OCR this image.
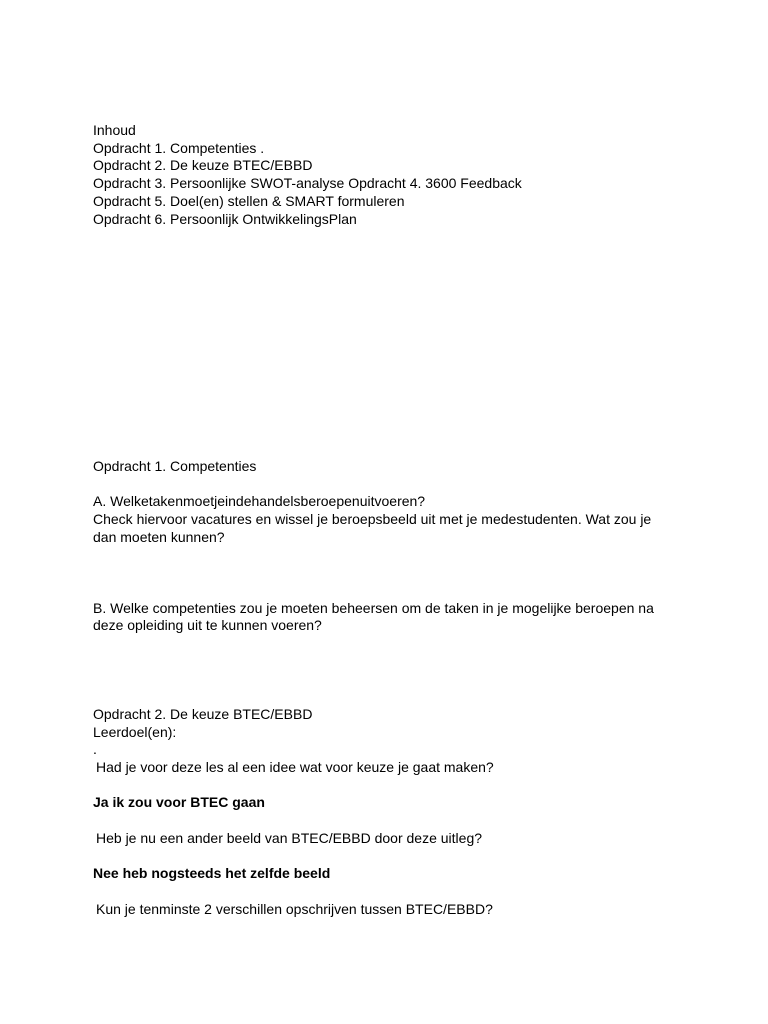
Inhoud
Opdracht 1. Competenties .
Opdracht 2. De keuze BTEC/EBBD
Opdracht 3. Persoonlijke SWOT-analyse Opdracht 4. 3600 Feedback
Opdracht 5. Doel(en) stellen & SMART formuleren
Opdracht 6. Persoonlijk OntwikkelingsPlan
Opdracht 1. Competenties
A. Welketakenmoetjeindehandelsberoepenuitvoeren?
Check hiervoor vacatures en wissel je beroepsbeeld uit met je medestudenten. Wat zou je dan moeten kunnen?
B. Welke competenties zou je moeten beheersen om de taken in je mogelijke beroepen na deze opleiding uit te kunnen voeren?
Opdracht 2. De keuze BTEC/EBBD
Leerdoel(en):
.
Had je voor deze les al een idee wat voor keuze je gaat maken?
Ja ik zou voor BTEC gaan
Heb je nu een ander beeld van BTEC/EBBD door deze uitleg?
Nee heb nogsteeds het zelfde beeld
Kun je tenminste 2 verschillen opschrijven tussen BTEC/EBBD?
